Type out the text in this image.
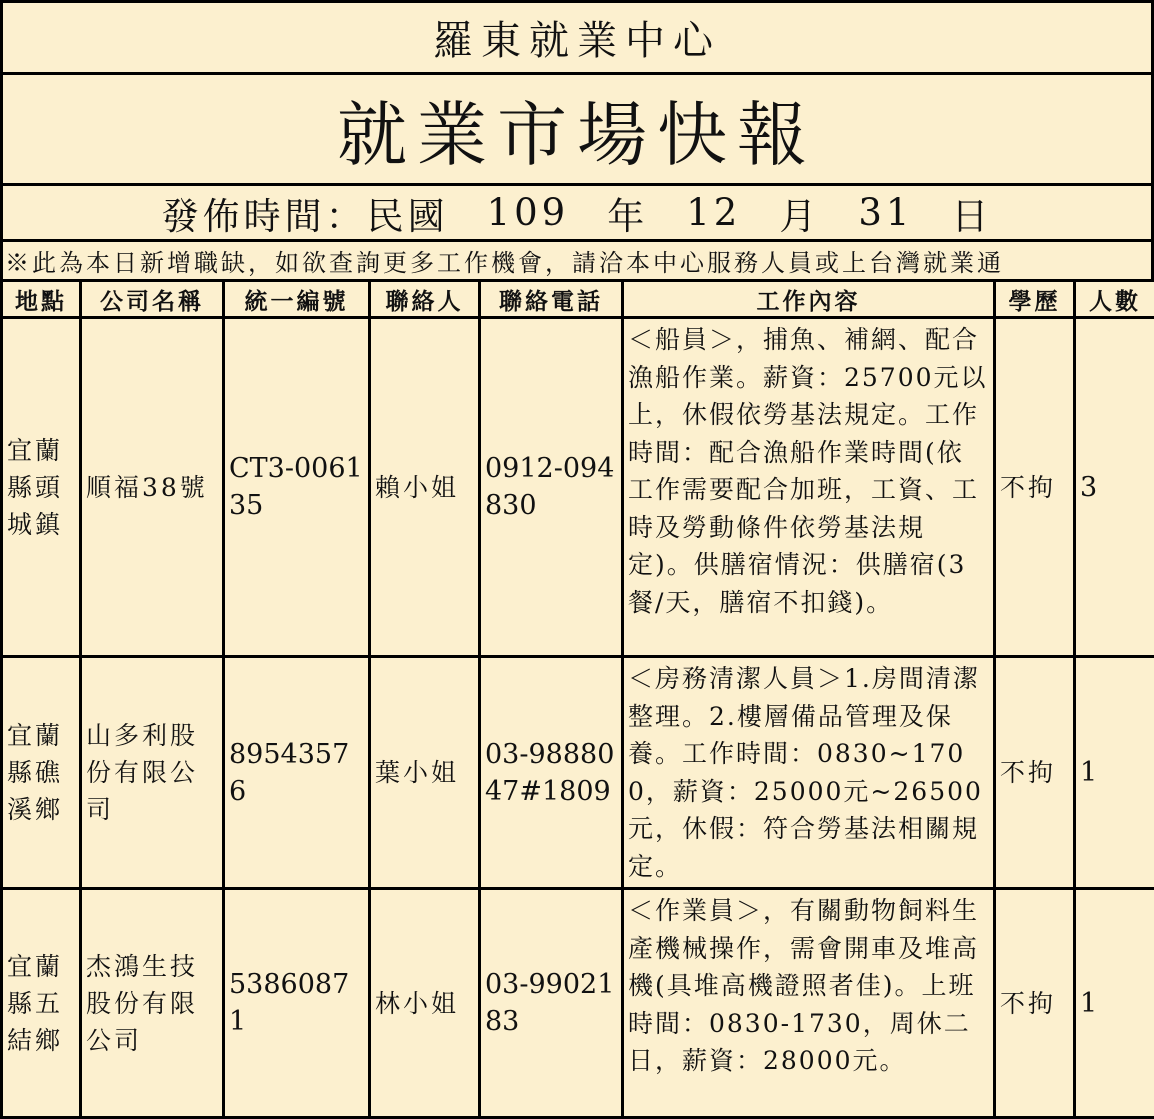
羅東就業中心
就業市場快報
發佈時間：民國 109 年 12 月 31 日
※此為本日新增職缺，如欲查詢更多工作機會，請洽本中心服務人員或上台灣就業通
地點	公司名稱	統一編號	聯絡人	聯絡電話	工作內容	學歷	人數
宜蘭縣頭城鎮	順福38號	CT3-006135	賴小姐	0912-094830	＜船員＞，捕魚、補網、配合漁船作業。薪資：25700元以上，休假依勞基法規定。工作時間：配合漁船作業時間(依工作需要配合加班，工資、工時及勞動條件依勞基法規定)。供膳宿情況：供膳宿(3餐/天，膳宿不扣錢)。	不拘	3
宜蘭縣礁溪鄉	山多利股份有限公司	89543576	葉小姐	03-9888047#1809	＜房務清潔人員＞1.房間清潔整理。2.樓層備品管理及保養。工作時間：0830~1700，薪資：25000元~26500元，休假：符合勞基法相關規定。	不拘	1
宜蘭縣五結鄉	杰鴻生技股份有限公司	53860871	林小姐	03-9902183	＜作業員＞，有關動物飼料生產機械操作，需會開車及堆高機(具堆高機證照者佳)。上班時間：0830-1730，周休二日，薪資：28000元。	不拘	1
